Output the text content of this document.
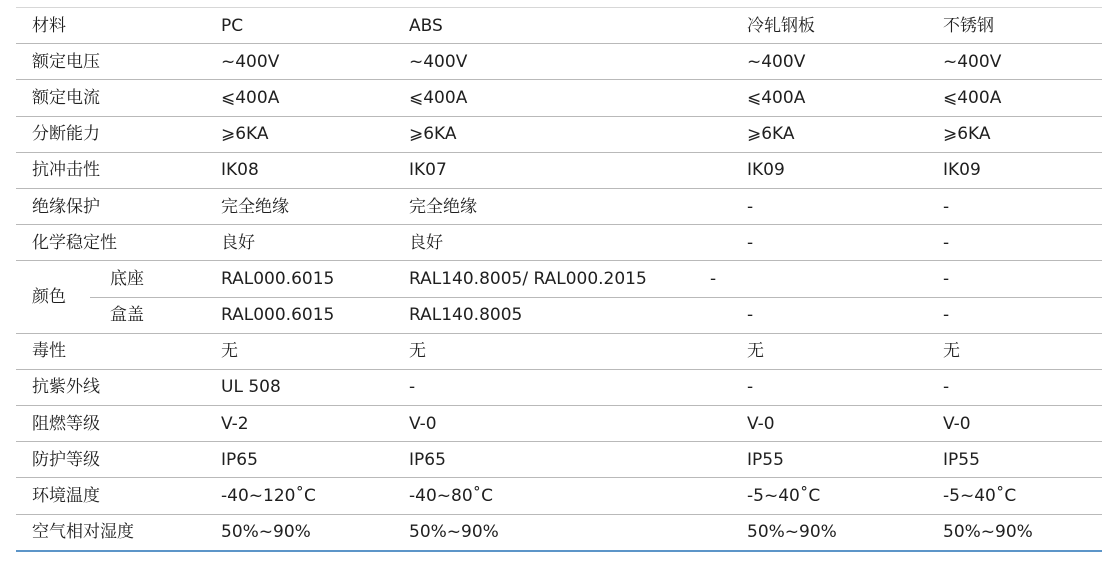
材料	PC	ABS	冷轧钢板	不锈钢
额定电压	~400V	~400V	~400V	~400V
额定电流	⩽400A	⩽400A	⩽400A	⩽400A
分断能力	⩾6KA	⩾6KA	⩾6KA	⩾6KA
抗冲击性	IK08	IK07	IK09	IK09
绝缘保护	完全绝缘	完全绝缘	-	-
化学稳定性	良好	良好	-	-
颜色	底座	RAL000.6015	RAL140.8005/ RAL000.2015	-	-
盒盖	RAL000.6015	RAL140.8005	-	-
毒性	无	无	无	无
抗紫外线	UL 508	-	-	-
阻燃等级	V-2	V-0	V-0	V-0
防护等级	IP65	IP65	IP55	IP55
环境温度	-40~120˚C	-40~80˚C	-5~40˚C	-5~40˚C
空气相对湿度	50%~90%	50%~90%	50%~90%	50%~90%
